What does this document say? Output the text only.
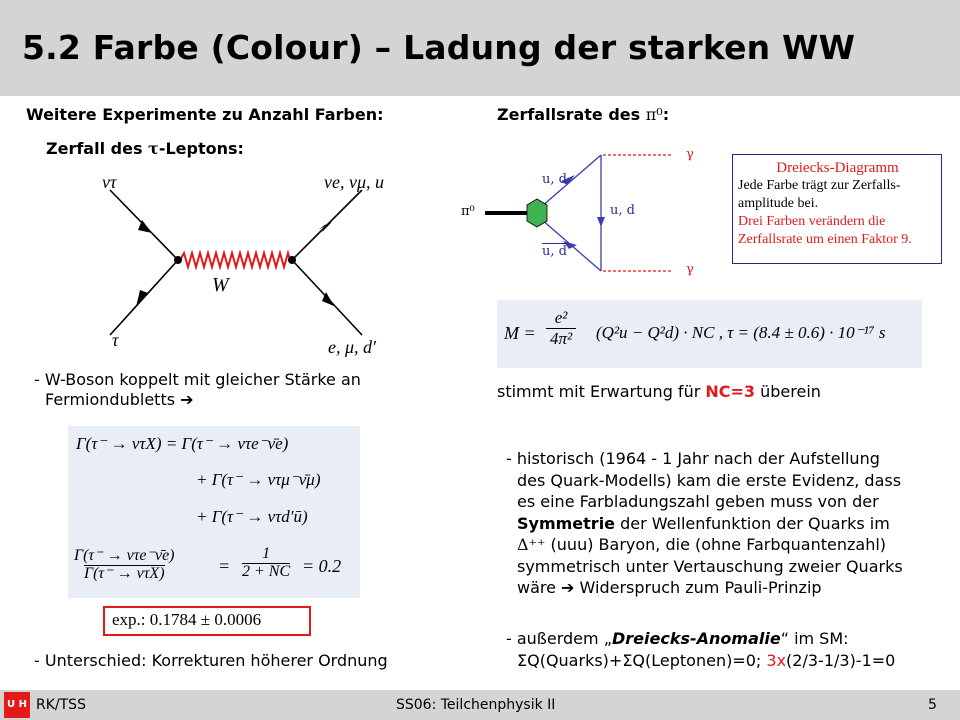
5.2 Farbe (Colour) – Ladung der starken WW
Weitere Experimente zu Anzahl Farben:
Zerfall des τ-Leptons:
ντ	νe, νμ, u
τ	e, μ, d′
W
- W-Boson koppelt mit gleicher Stärke an
Fermiondubletts ➔
Γ(τ⁻ → ντX) = Γ(τ⁻ → ντe⁻ν̄e)
+ Γ(τ⁻ → ντμ⁻ν̄μ)
+ Γ(τ⁻ → ντd′ū)
Γ(τ⁻ → ντe⁻ν̄e)
Γ(τ⁻ → ντX)	=
1
2 + NC = 0.2
exp.: 0.1784 ± 0.0006
- Unterschied: Korrekturen höherer Ordnung
Zerfallsrate des π⁰:
π⁰
u, d
u, d
u, d
γ
γ
Dreiecks-Diagramm
Jede Farbe trägt zur Zerfalls-
amplitude bei.
Drei Farben verändern die
Zerfallsrate um einen Faktor 9.
M =
e²
4π² (Q²u − Q²d) · NC , τ = (8.4 ± 0.6) · 10⁻¹⁷ s
stimmt mit Erwartung für NC=3 überein
- historisch (1964 - 1 Jahr nach der Aufstellung
des Quark-Modells) kam die erste Evidenz, dass
es eine Farbladungszahl geben muss von der
Symmetrie der Wellenfunktion der Quarks im
Δ⁺⁺ (uuu) Baryon, die (ohne Farbquantenzahl)
symmetrisch unter Vertauschung zweier Quarks
wäre ➔ Widerspruch zum Pauli-Prinzip
- außerdem „Dreiecks-Anomalie“ im SM:
ΣQ(Quarks)+ΣQ(Leptonen)=0; 3x(2/3-1/3)-1=0
U H RK/TSS	SS06: Teilchenphysik II	5
